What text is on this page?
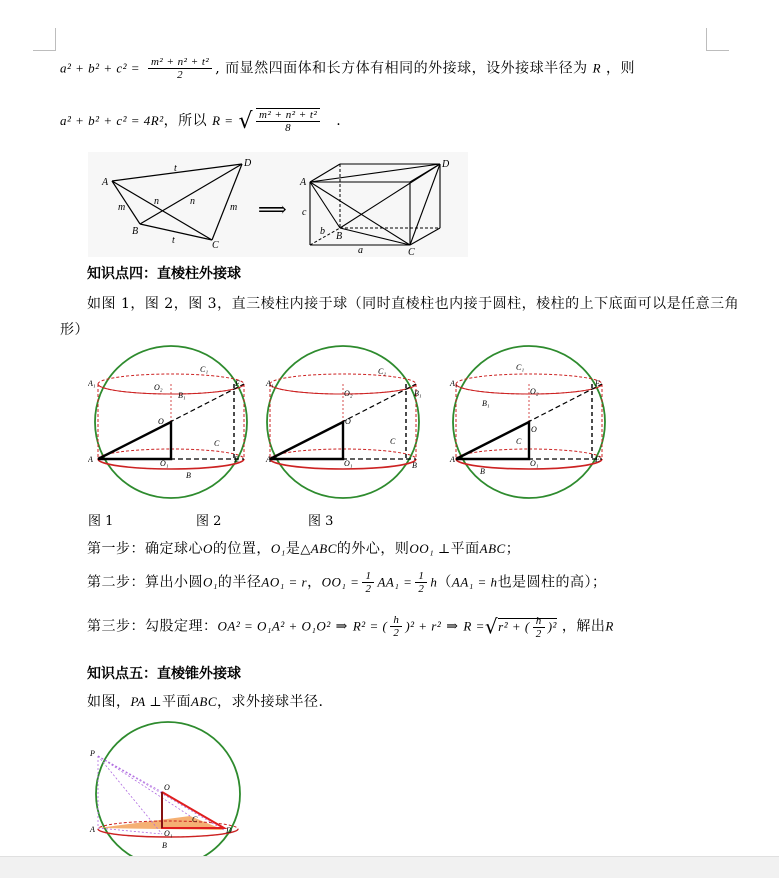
$a^2 + b^2 + c^2 = \frac{\text{m² + n² + t²}}{2}$ , 而显然四面体和长方体有相同的外接球，设外接球半径为 R ，则
a² + b² + c² = 4R²，所以 R = √ $\frac{\text{m² + n² + t²}}{8}$ .
A
D
B
C
t
t
m	m
n	n	⟹
A
D
B
C
c
b
a
知识点四：直棱柱外接球
如图 1，图 2，图 3，直三棱柱内接于球（同时直棱柱也内接于圆柱，棱柱的上下底面可以是任意三角
形）
A₁
A
C₁
O₂
B₁
F
O
C
O₁	E
B
A₁
A
C₁
O₂	B₁
O
C
O₁	B
A₁
A
C₁
O₂
B₁
F
O
C
O₁	E
B
图 1	图 2	图 3
第一步：确定球心O的位置，O₁是△ABC的外心，则OO₁ ⊥平面ABC；
第二步：算出小圆O₁的半径AO₁ = r，$OO_1 = \frac{1}{2} AA_1 = \frac{1}{2} h(AA_1 = h$也是圆柱的高）；
第三步：勾股定理：OA² = O₁A² + O₁O² ⇒ R² = ( $\frac{h}{2} )^2 + r^2$ ⇒ R =√r² + ( $\frac{h}{2} )^2$ ，解出R
知识点五：直棱锥外接球
如图，PA ⊥平面ABC，求外接球半径.
P
O
A
C
D
O₁
B
